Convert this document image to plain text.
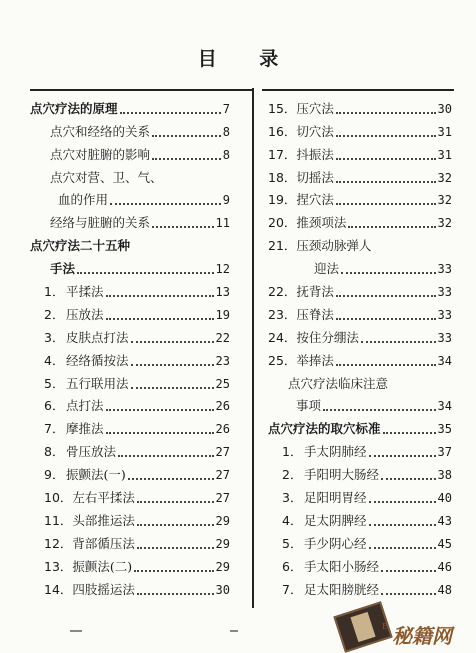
目 录
点穴疗法的原理	7
点穴和经络的关系	8
点穴对脏腑的影响	8
点穴对营、卫、气、
血的作用	9
经络与脏腑的关系	11
点穴疗法二十五种
手法	12
1． 平揉法	13
2． 压放法	19
3． 皮肤点打法	22
4． 经络循按法	23
5． 五行联用法	25
6． 点打法	26
7． 摩推法	26
8． 骨压放法	27
9． 振颤法(一)	27
10．左右平揉法	27
11．头部推运法	29
12．背部循压法	29
13．振颤法(二)	29
14．四肢摇运法	30
15．压穴法	30
16．切穴法	31
17．抖振法	31
18．切摇法	32
19．捏穴法	32
20．推颈项法	32
21．压颈动脉弹人
迎法	33
22．抚背法	33
23．压脊法	33
24．按住分绷法	33
25．举捧法	34
点穴疗法临床注意
事项	34
点穴疗法的取穴标准	35
1． 手太阴肺经	37
2． 手阳明大肠经	38
3． 足阳明胃经	40
4． 足太阴脾经	43
5． 手少阴心经	45
6． 手太阳小肠经	46
7． 足太阳膀胱经	48
E 秘籍网
